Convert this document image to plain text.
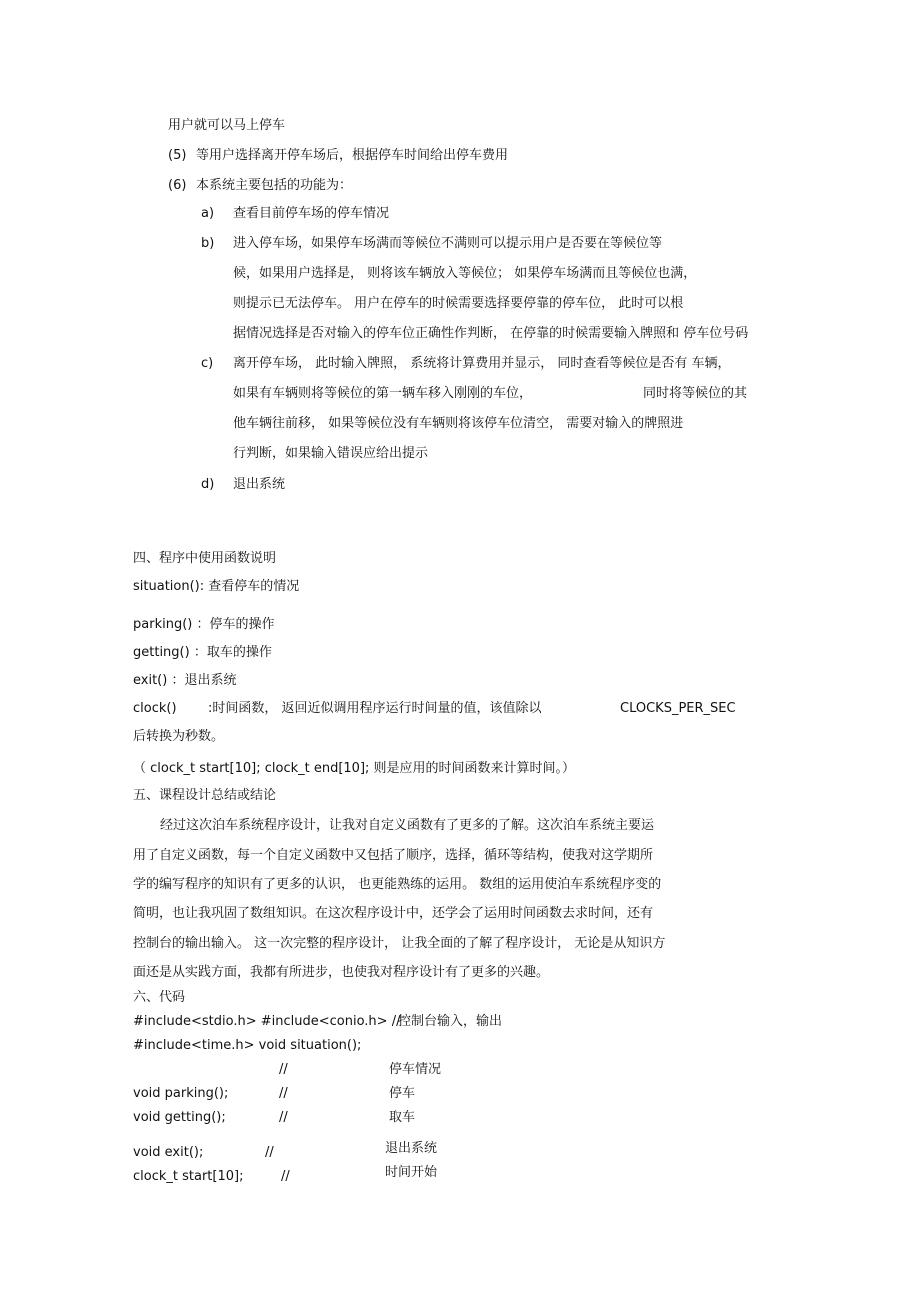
用户就可以马上停车
(5) 等用户选择离开停车场后，根据停车时间给出停车费用
(6) 本系统主要包括的功能为：
a) 查看目前停车场的停车情况
b) 进入停车场，如果停车场满而等候位不满则可以提示用户是否要在等候位等
候，如果用户选择是， 则将该车辆放入等候位； 如果停车场满而且等候位也满，
则提示已无法停车。 用户在停车的时候需要选择要停靠的停车位， 此时可以根
据情况选择是否对输入的停车位正确性作判断， 在停靠的时候需要输入牌照和 停车位号码
c) 离开停车场， 此时输入牌照， 系统将计算费用并显示， 同时查看等候位是否有 车辆，
如果有车辆则将等候位的第一辆车移入刚刚的车位，	同时将等候位的其
他车辆往前移， 如果等候位没有车辆则将该停车位清空， 需要对输入的牌照进
行判断，如果输入错误应给出提示
d) 退出系统
四、程序中使用函数说明
situation(): 查看停车的情况
parking() ：停车的操作
getting() ：取车的操作
exit() ：退出系统
clock() :时间函数， 返回近似调用程序运行时间量的值，该值除以	CLOCKS_PER_SEC
后转换为秒数。
（ clock_t start[10]; clock_t end[10]; 则是应用的时间函数来计算时间。）
五、课程设计总结或结论
经过这次泊车系统程序设计，让我对自定义函数有了更多的了解。这次泊车系统主要运
用了自定义函数，每一个自定义函数中又包括了顺序，选择，循环等结构，使我对这学期所
学的编写程序的知识有了更多的认识， 也更能熟练的运用。 数组的运用使泊车系统程序变的
简明，也让我巩固了数组知识。在这次程序设计中，还学会了运用时间函数去求时间，还有
控制台的输出输入。 这一次完整的程序设计， 让我全面的了解了程序设计， 无论是从知识方
面还是从实践方面，我都有所进步，也使我对程序设计有了更多的兴趣。
六、代码
#include<stdio.h> #include<conio.h> //
控制台输入，输出
#include<time.h> void situation();
//	停车情况
void parking();	//	停车
void getting();	//	取车
void exit();	//	退出系统
clock_t start[10];	//	时间开始
